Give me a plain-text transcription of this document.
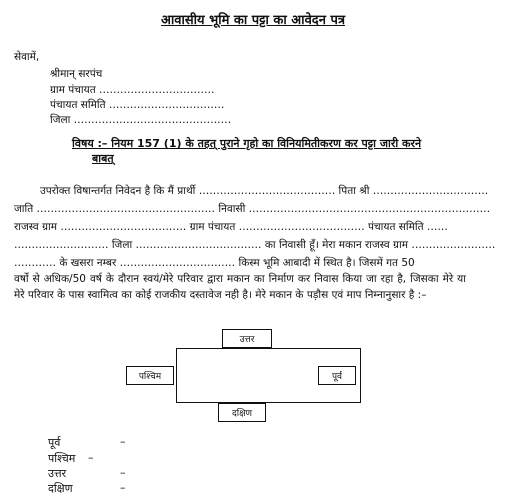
आवासीय भूमि का पट्टा का आवेदन पत्र
सेवामें,
श्रीमान् सरपंच
ग्राम पंचायत ……………………………
पंचायत समिति ……………………………
जिला ………………………………………
विषय :– नियम 157 (1) के तहत् पुराने गृहो का विनियमितीकरण कर पट्टा जारी करने
बाबत्
उपरोक्त विषान्तर्गत निवेदन है कि मैं प्रार्थी ………………………………… पिता श्री ……………………………
जाति …………………………………………… निवासी ……………………………………………………………
राजस्व ग्राम ……………………………… ग्राम पंचायत ……………………………… पंचायत समिति ……
……………………… जिला ……………………………… का निवासी हूँ। मेरा मकान राजस्व ग्राम ……………………
………… के खसरा नम्बर …………………………… किस्म भूमि आबादी में स्थित है। जिसमें गत 50
वर्षो से अधिक/50 वर्ष के दौरान स्वयं/मेरे परिवार द्वारा मकान का निर्माण कर निवास किया जा रहा है, जिसका मेरे या मेरे परिवार के पास स्वामित्व का कोई राजकीय दस्तावेज नही है। मेरे मकान के पड़ौस एवं माप निम्नानुसार है :–
उत्तर
पश्चिम	पूर्व
दक्षिण
पूर्व	–
पश्चिम –
उत्तर	–
दक्षिण	–
